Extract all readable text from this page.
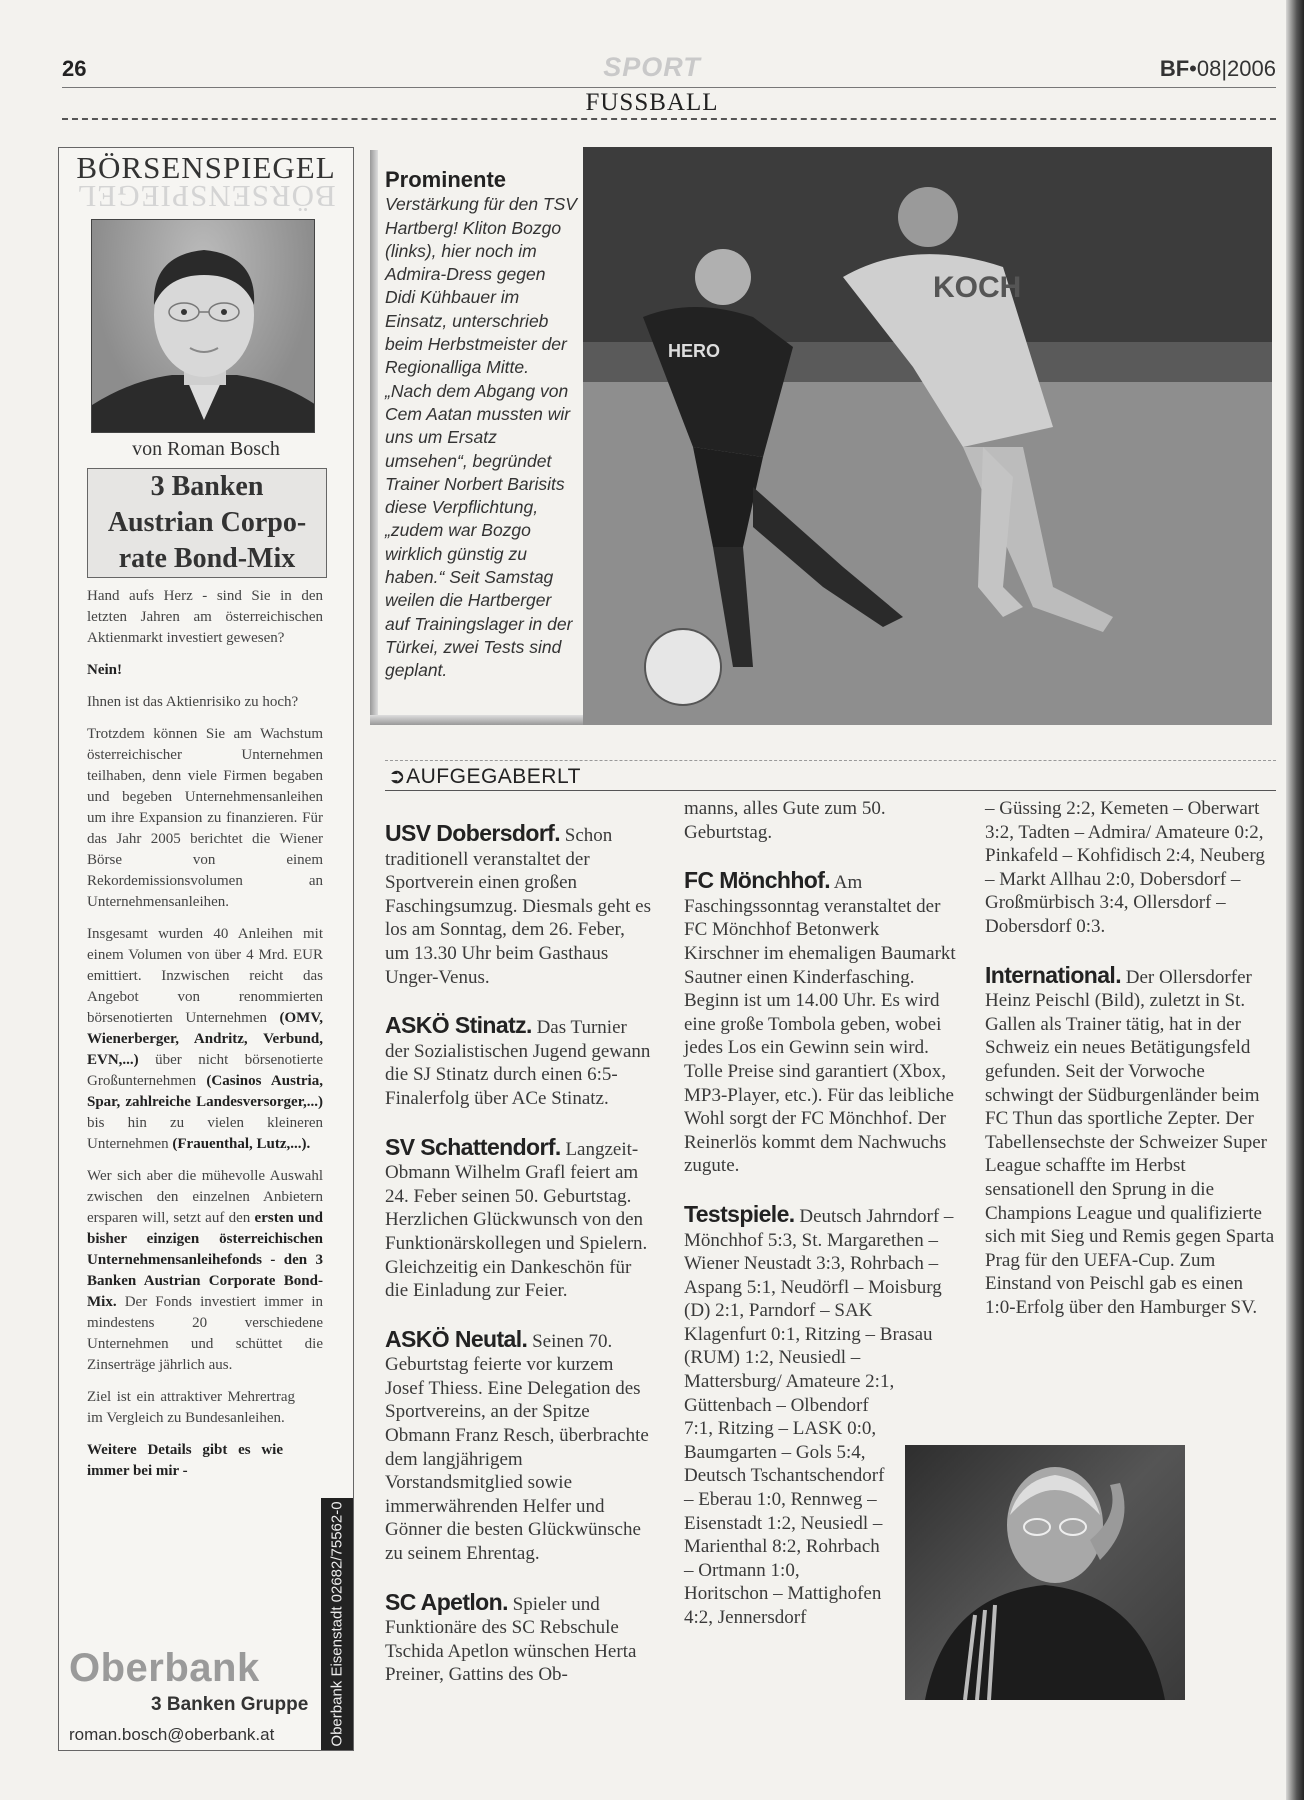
26	SPORT	BF•08|2006
FUSSBALL
BÖRSENSPIEGEL
BÖRSENSPIEGEL
von Roman Bosch
3 Banken
Austrian Corpo-
rate Bond-Mix

Hand aufs Herz - sind Sie in den letzten Jahren am österreichischen Aktienmarkt investiert gewesen?

Nein!

Ihnen ist das Aktienrisiko zu hoch?

Trotzdem können Sie am Wachstum österreichischer Unternehmen teilhaben, denn viele Firmen begaben und begeben Unternehmensanleihen um ihre Expansion zu finanzieren. Für das Jahr 2005 berichtet die Wiener Börse von einem Rekordemissionsvolumen an Unternehmensanleihen.

Insgesamt wurden 40 Anleihen mit einem Volumen von über 4 Mrd. EUR emittiert. Inzwischen reicht das Angebot von renommierten börsenotierten Unternehmen (OMV, Wienerberger, Andritz, Verbund, EVN,...) über nicht börsenotierte Großunternehmen (Casinos Austria, Spar, zahlreiche Landesversorger,...) bis hin zu vielen kleineren Unternehmen (Frauenthal, Lutz,...).

Wer sich aber die mühevolle Auswahl zwischen den einzelnen Anbietern ersparen will, setzt auf den ersten und bisher einzigen österreichischen Unternehmensanleihefonds - den 3 Banken Austrian Corporate Bond-Mix. Der Fonds investiert immer in mindestens 20 verschiedene Unternehmen und schüttet die Zinserträge jährlich aus.

Ziel ist ein attraktiver Mehrertrag im Vergleich zu Bundesanleihen.

Weitere Details gibt es wie immer bei mir -

Oberbank Eisenstadt 02682/75562-0
Oberbank
3 Banken Gruppe
roman.bosch@oberbank.at
Prominente Verstärkung für den TSV Hartberg! Kliton Bozgo (links), hier noch im Admira-Dress gegen Didi Kühbauer im Einsatz, unterschrieb beim Herbstmeister der Regionalliga Mitte. „Nach dem Abgang von Cem Aatan mussten wir uns um Ersatz umsehen“, begründet Trainer Norbert Barisits diese Verpflichtung, „zudem war Bozgo wirklich günstig zu haben.“ Seit Samstag weilen die Hartberger auf Trainingslager in der Türkei, zwei Tests sind geplant.
KOCH
HERO
➲AUFGEGABERLT

USV Dobersdorf. Schon traditionell veranstaltet der Sportverein einen großen Faschingsumzug. Diesmals geht es los am Sonntag, dem 26. Feber, um 13.30 Uhr beim Gasthaus Unger-Venus.

ASKÖ Stinatz. Das Turnier der Sozialistischen Jugend gewann die SJ Stinatz durch einen 6:5-Finalerfolg über ACe Stinatz.

SV Schattendorf. Langzeit-Obmann Wilhelm Grafl feiert am 24. Feber seinen 50. Geburtstag. Herzlichen Glückwunsch von den Funktionärskollegen und Spielern. Gleichzeitig ein Dankeschön für die Einladung zur Feier.

ASKÖ Neutal. Seinen 70. Geburtstag feierte vor kurzem Josef Thiess. Eine Delegation des Sportvereins, an der Spitze Obmann Franz Resch, überbrachte dem langjährigem Vorstandsmitglied sowie immerwährenden Helfer und Gönner die besten Glückwünsche zu seinem Ehrentag.

SC Apetlon. Spieler und Funktionäre des SC Rebschule Tschida Apetlon wünschen Herta Preiner, Gattins des Ob-

manns, alles Gute zum 50. Geburtstag.

FC Mönchhof. Am Faschingssonntag veranstaltet der FC Mönchhof Betonwerk Kirschner im ehemaligen Baumarkt Sautner einen Kinderfasching. Beginn ist um 14.00 Uhr. Es wird eine große Tombola geben, wobei jedes Los ein Gewinn sein wird. Tolle Preise sind garantiert (Xbox, MP3-Player, etc.). Für das leibliche Wohl sorgt der FC Mönchhof. Der Reinerlös kommt dem Nachwuchs zugute.

Testspiele. Deutsch Jahrndorf – Mönchhof 5:3, St. Margarethen – Wiener Neustadt 3:3, Rohrbach – Aspang 5:1, Neudörfl – Moisburg (D) 2:1, Parndorf – SAK Klagenfurt 0:1, Ritzing – Brasau (RUM) 1:2, Neusiedl – Mattersburg/ Amateure 2:1, Güttenbach – Olbendorf 7:1, Ritzing – LASK 0:0, Baumgarten – Gols 5:4, Deutsch Tschantschendorf – Eberau 1:0, Rennweg – Eisenstadt 1:2, Neusiedl – Marienthal 8:2, Rohrbach – Ortmann 1:0, Horitschon – Mattighofen 4:2, Jennersdorf

– Güssing 2:2, Kemeten – Oberwart 3:2, Tadten – Admira/ Amateure 0:2, Pinkafeld – Kohfidisch 2:4, Neuberg – Markt Allhau 2:0, Dobersdorf – Großmürbisch 3:4, Ollersdorf – Dobersdorf 0:3.

International. Der Ollersdorfer Heinz Peischl (Bild), zuletzt in St. Gallen als Trainer tätig, hat in der Schweiz ein neues Betätigungsfeld gefunden. Seit der Vorwoche schwingt der Südburgenländer beim FC Thun das sportliche Zepter. Der Tabellensechste der Schweizer Super League schaffte im Herbst sensationell den Sprung in die Champions League und qualifizierte sich mit Sieg und Remis gegen Sparta Prag für den UEFA-Cup. Zum Einstand von Peischl gab es einen 1:0-Erfolg über den Hamburger SV.
